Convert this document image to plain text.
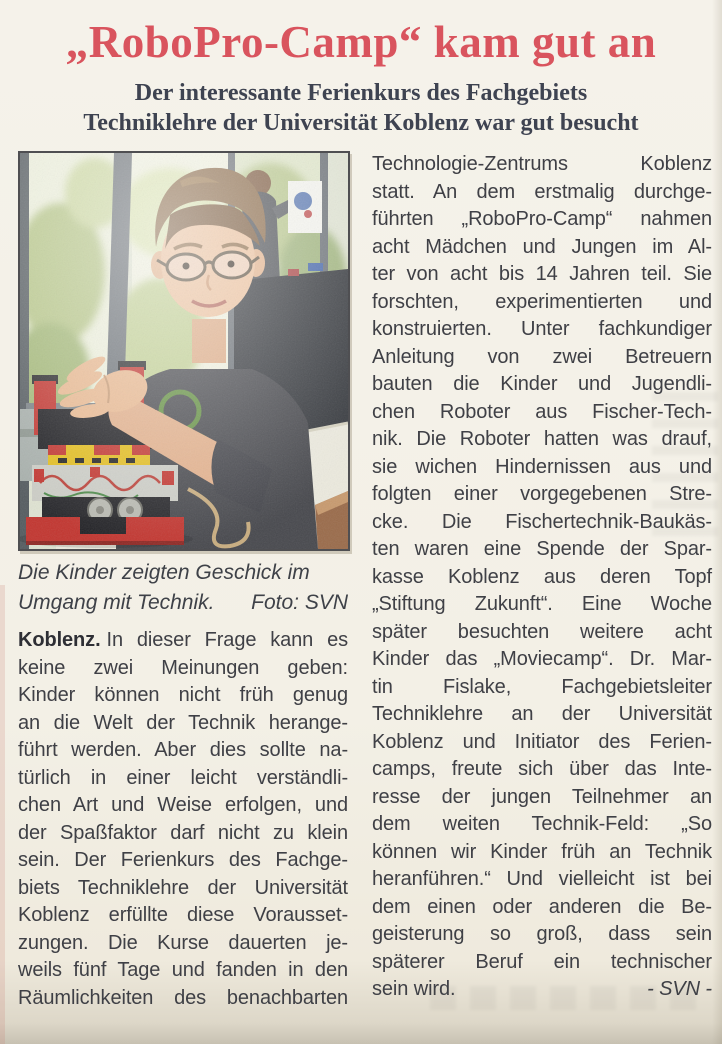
„RoboPro-Camp“ kam gut an
Der interessante Ferienkurs des Fachgebiets
Techniklehre der Universität Koblenz war gut besucht
Die Kinder zeigten Geschick im
Umgang mit Technik. Foto: SVN
Koblenz. In dieser Frage kann es
keine zwei Meinungen geben:
Kinder können nicht früh genug
an die Welt der Technik herange-
führt werden. Aber dies sollte na-
türlich in einer leicht verständli-
chen Art und Weise erfolgen, und
der Spaßfaktor darf nicht zu klein
sein. Der Ferienkurs des Fachge-
biets Techniklehre der Universität
Koblenz erfüllte diese Vorausset-
zungen. Die Kurse dauerten je-
weils fünf Tage und fanden in den
Räumlichkeiten des benachbarten
Technologie-Zentrums Koblenz
statt. An dem erstmalig durchge-
führten „RoboPro-Camp“ nahmen
acht Mädchen und Jungen im Al-
ter von acht bis 14 Jahren teil. Sie
forschten, experimentierten und
konstruierten. Unter fachkundiger
Anleitung von zwei Betreuern
bauten die Kinder und Jugendli-
chen Roboter aus Fischer-Tech-
nik. Die Roboter hatten was drauf,
sie wichen Hindernissen aus und
folgten einer vorgegebenen Stre-
cke. Die Fischertechnik-Baukäs-
ten waren eine Spende der Spar-
kasse Koblenz aus deren Topf
„Stiftung Zukunft“. Eine Woche
später besuchten weitere acht
Kinder das „Moviecamp“. Dr. Mar-
tin Fislake, Fachgebietsleiter
Techniklehre an der Universität
Koblenz und Initiator des Ferien-
camps, freute sich über das Inte-
resse der jungen Teilnehmer an
dem weiten Technik-Feld: „So
können wir Kinder früh an Technik
heranführen.“ Und vielleicht ist bei
dem einen oder anderen die Be-
geisterung so groß, dass sein
späterer Beruf ein technischer
sein wird.	- SVN -
